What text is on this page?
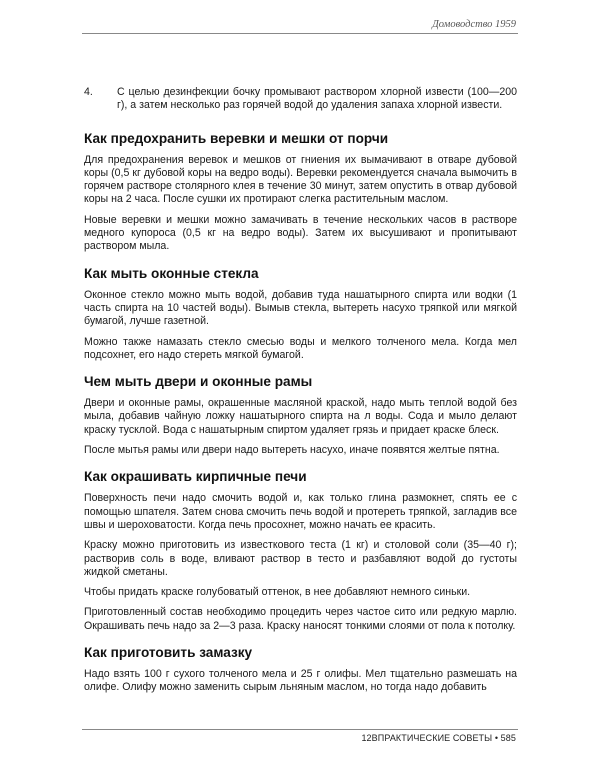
Домоводство 1959
4.	С целью дезинфекции бочку промывают раствором хлорной извести (100—200 г), а затем несколько раз горячей водой до удаления запаха хлорной извести.
Как предохранить веревки и мешки от порчи

Для предохранения веревок и мешков от гниения их вымачивают в отваре дубовой коры (0,5 кг дубовой коры на ведро воды). Веревки рекомендуется сначала вымочить в горячем растворе столярного клея в течение 30 минут, затем опустить в отвар дубовой коры на 2 часа. После сушки их протирают слегка растительным маслом.

Новые веревки и мешки можно замачивать в течение нескольких часов в растворе медного купороса (0,5 кг на ведро воды). Затем их высушивают и пропитывают раствором мыла.

Как мыть оконные стекла

Оконное стекло можно мыть водой, добавив туда нашатырного спирта или водки (1 часть спирта на 10 частей воды). Вымыв стекла, вытереть насухо тряпкой или мягкой бумагой, лучше газетной.

Можно также намазать стекло смесью воды и мелкого толченого мела. Когда мел подсохнет, его надо стереть мягкой бумагой.

Чем мыть двери и оконные рамы

Двери и оконные рамы, окрашенные масляной краской, надо мыть теплой водой без мыла, добавив чайную ложку нашатырного спирта на л воды. Сода и мыло делают краску тусклой. Вода с нашатырным спиртом удаляет грязь и придает краске блеск.

После мытья рамы или двери надо вытереть насухо, иначе появятся желтые пятна.

Как окрашивать кирпичные печи

Поверхность печи надо смочить водой и, как только глина размокнет, спять ее с помощью шпателя. Затем снова смочить печь водой и протереть тряпкой, загладив все швы и шероховатости. Когда печь просохнет, можно начать ее красить.

Краску можно приготовить из известкового теста (1 кг) и столовой соли (35—40 г); растворив соль в воде, вливают раствор в тесто и разбавляют водой до густоты жидкой сметаны.

Чтобы придать краске голубоватый оттенок, в нее добавляют немного синьки.

Приготовленный состав необходимо процедить через частое сито или редкую марлю. Окрашивать печь надо за 2—3 раза. Краску наносят тонкими слоями от пола к потолку.

Как приготовить замазку

Надо взять 100 г сухого толченого мела и 25 г олифы. Мел тщательно размешать на олифе. Олифу можно заменить сырым льняным маслом, но тогда надо добавить

12ВПРАКТИЧЕСКИЕ СОВЕТЫ • 585
